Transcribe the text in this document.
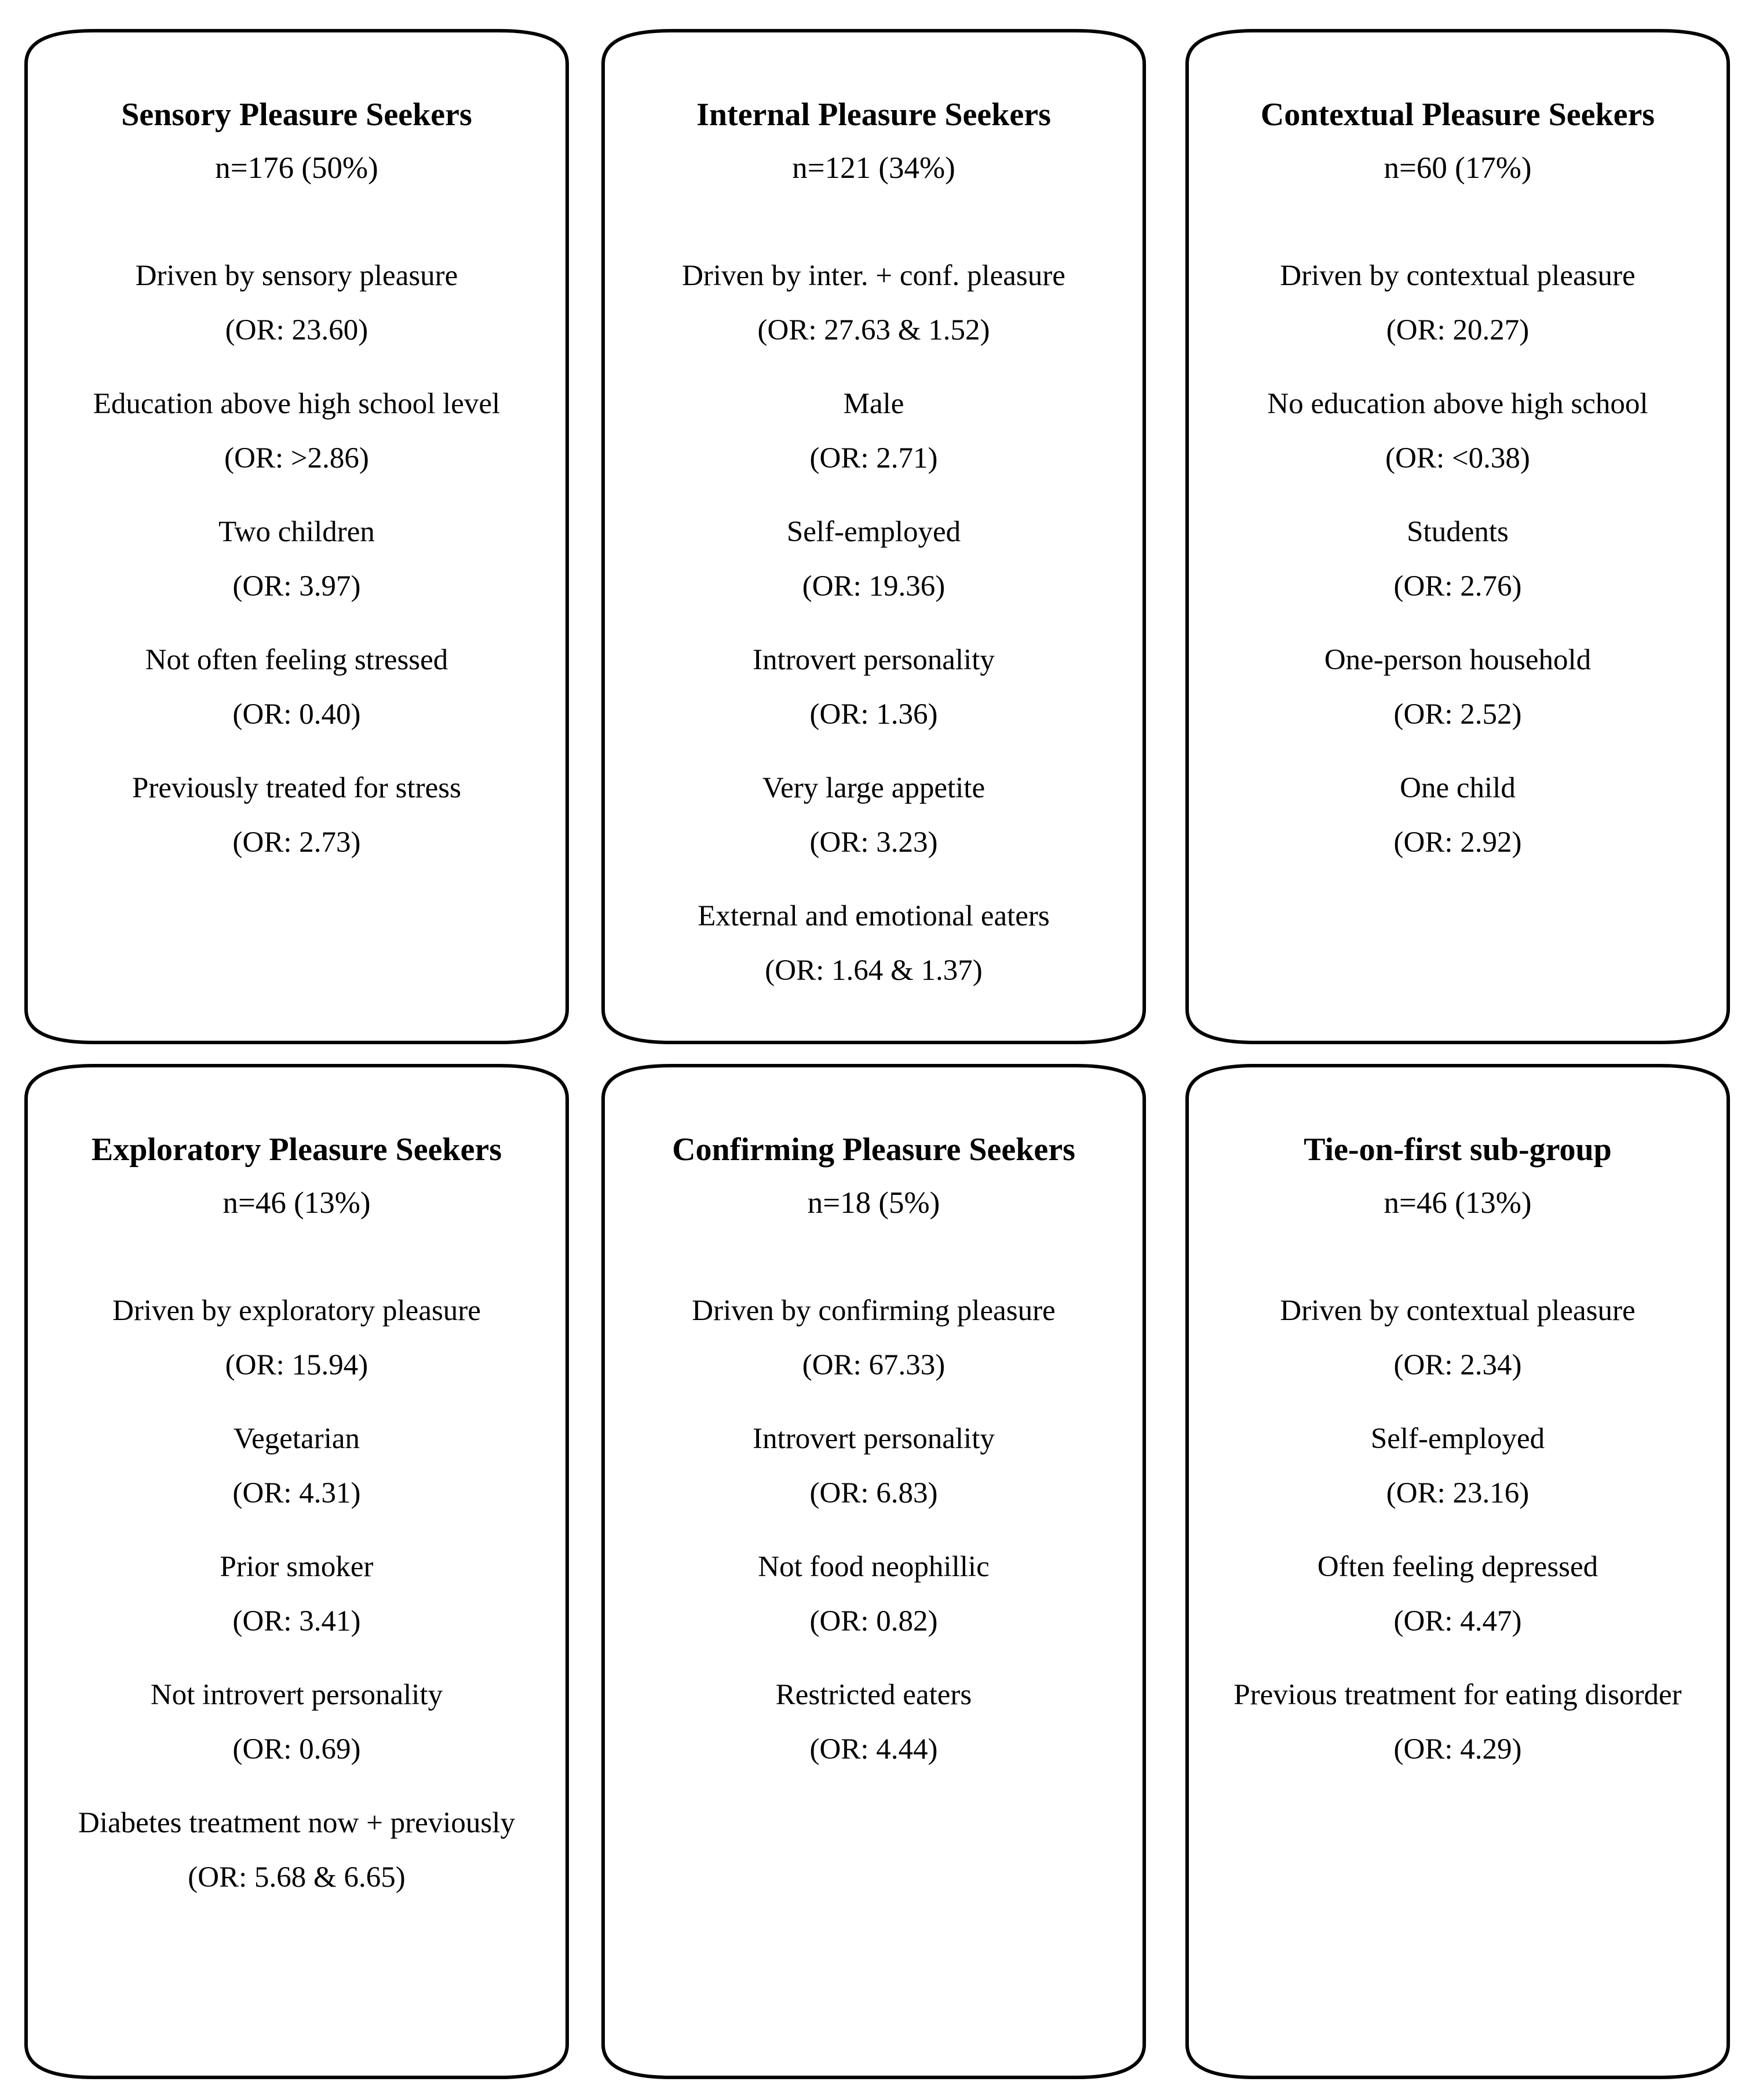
Sensory Pleasure Seekers
n=176 (50%)
Driven by sensory pleasure
(OR: 23.60)
Education above high school level
(OR: >2.86)
Two children
(OR: 3.97)
Not often feeling stressed
(OR: 0.40)
Previously treated for stress
(OR: 2.73)
Internal Pleasure Seekers
n=121 (34%)
Driven by inter. + conf. pleasure
(OR: 27.63 & 1.52)
Male
(OR: 2.71)
Self-employed
(OR: 19.36)
Introvert personality
(OR: 1.36)
Very large appetite
(OR: 3.23)
External and emotional eaters
(OR: 1.64 & 1.37)
Contextual Pleasure Seekers
n=60 (17%)
Driven by contextual pleasure
(OR: 20.27)
No education above high school
(OR: <0.38)
Students
(OR: 2.76)
One-person household
(OR: 2.52)
One child
(OR: 2.92)
Exploratory Pleasure Seekers
n=46 (13%)
Driven by exploratory pleasure
(OR: 15.94)
Vegetarian
(OR: 4.31)
Prior smoker
(OR: 3.41)
Not introvert personality
(OR: 0.69)
Diabetes treatment now + previously
(OR: 5.68 & 6.65)
Confirming Pleasure Seekers
n=18 (5%)
Driven by confirming pleasure
(OR: 67.33)
Introvert personality
(OR: 6.83)
Not food neophillic
(OR: 0.82)
Restricted eaters
(OR: 4.44)
Tie-on-first sub-group
n=46 (13%)
Driven by contextual pleasure
(OR: 2.34)
Self-employed
(OR: 23.16)
Often feeling depressed
(OR: 4.47)
Previous treatment for eating disorder
(OR: 4.29)
